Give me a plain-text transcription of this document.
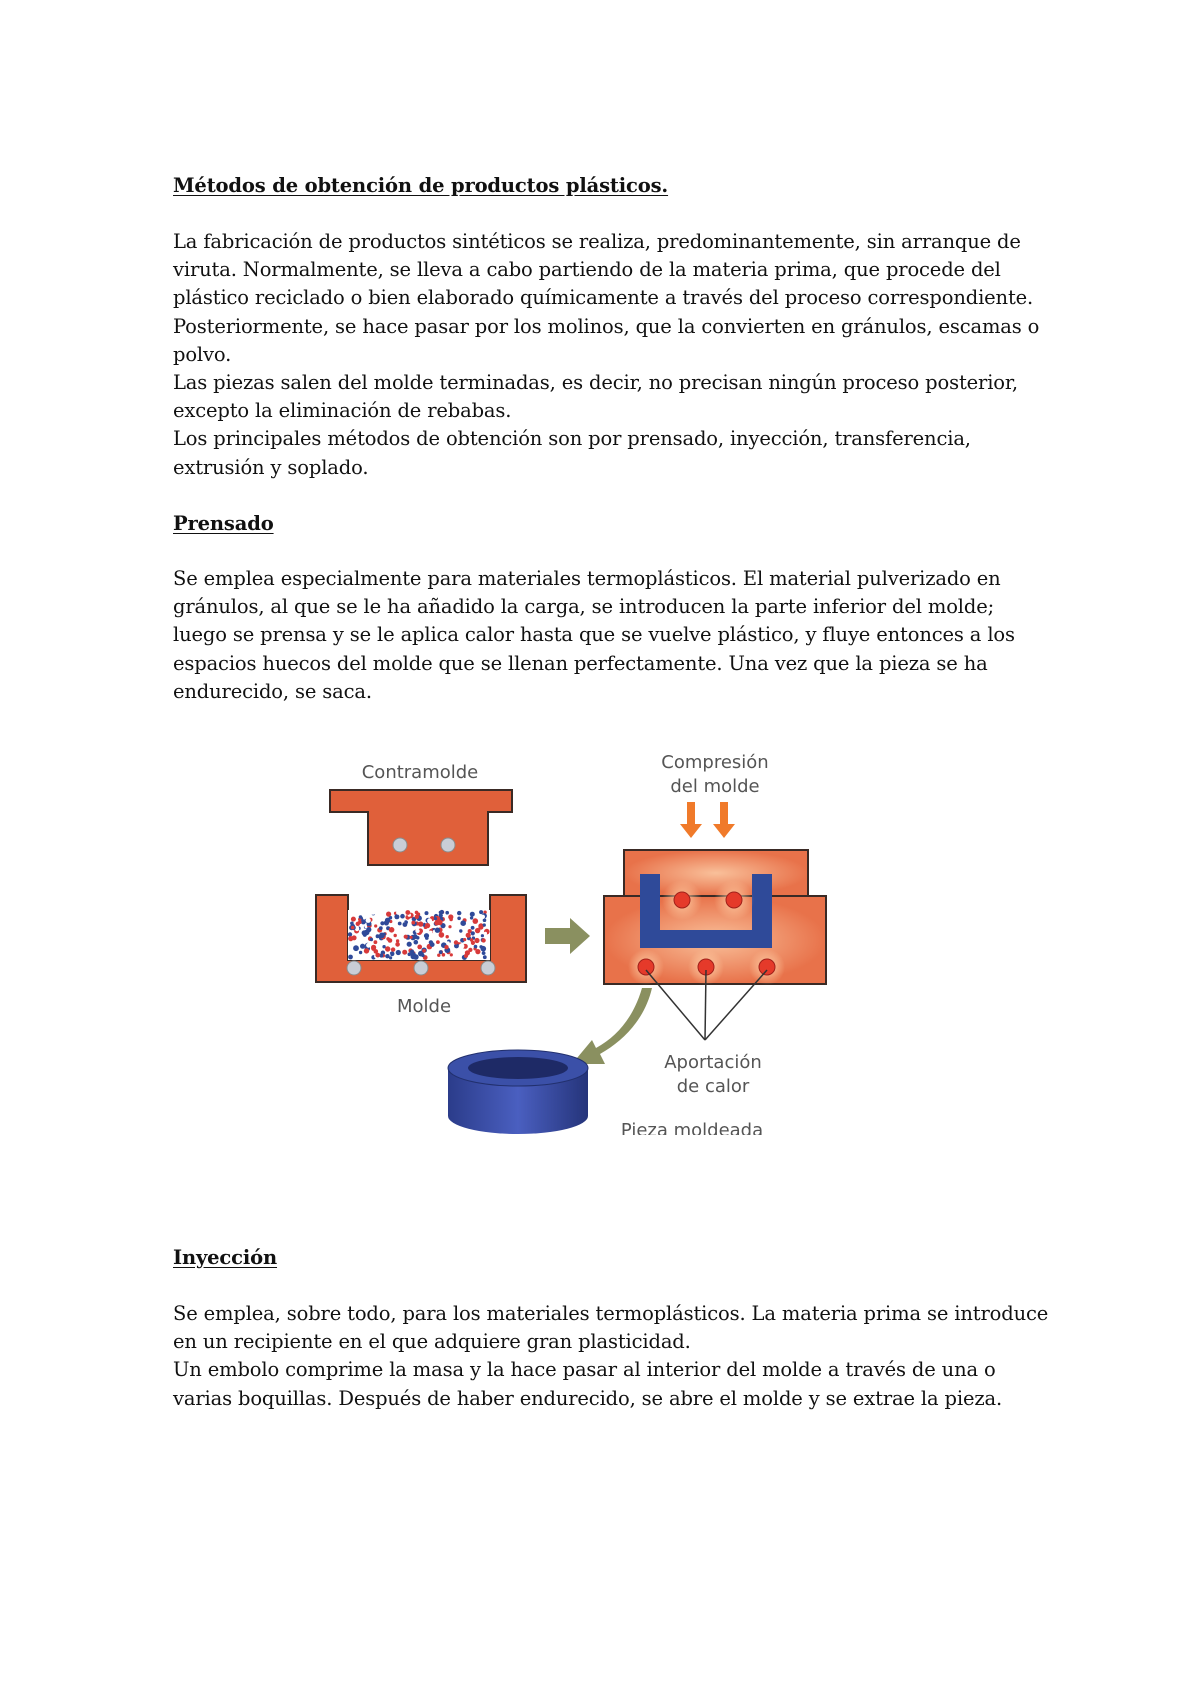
Métodos de obtención de productos plásticos.

La fabricación de productos sintéticos se realiza, predominantemente, sin arranque de viruta. Normalmente, se lleva a cabo partiendo de la materia prima, que procede del plástico reciclado o bien elaborado químicamente a través del proceso correspondiente.

Posteriormente, se hace pasar por los molinos, que la convierten en gránulos, escamas o polvo.

Las piezas salen del molde terminadas, es decir, no precisan ningún proceso posterior, excepto la eliminación de rebabas.

Los principales métodos de obtención son por prensado, inyección, transferencia, extrusión y soplado.

Prensado

Se emplea especialmente para materiales termoplásticos. El material pulverizado en gránulos, al que se le ha añadido la carga, se introducen la parte inferior del molde; luego se prensa y se le aplica calor hasta que se vuelve plástico, y fluye entonces a los espacios huecos del molde que se llenan perfectamente. Una vez que la pieza se ha endurecido, se saca.

Contramolde
Molde
Compresión
del molde
Aportación
de calor
Pieza moldeada
Inyección

Se emplea, sobre todo, para los materiales termoplásticos. La materia prima se introduce en un recipiente en el que adquiere gran plasticidad.

Un embolo comprime la masa y la hace pasar al interior del molde a través de una o varias boquillas. Después de haber endurecido, se abre el molde y se extrae la pieza.
